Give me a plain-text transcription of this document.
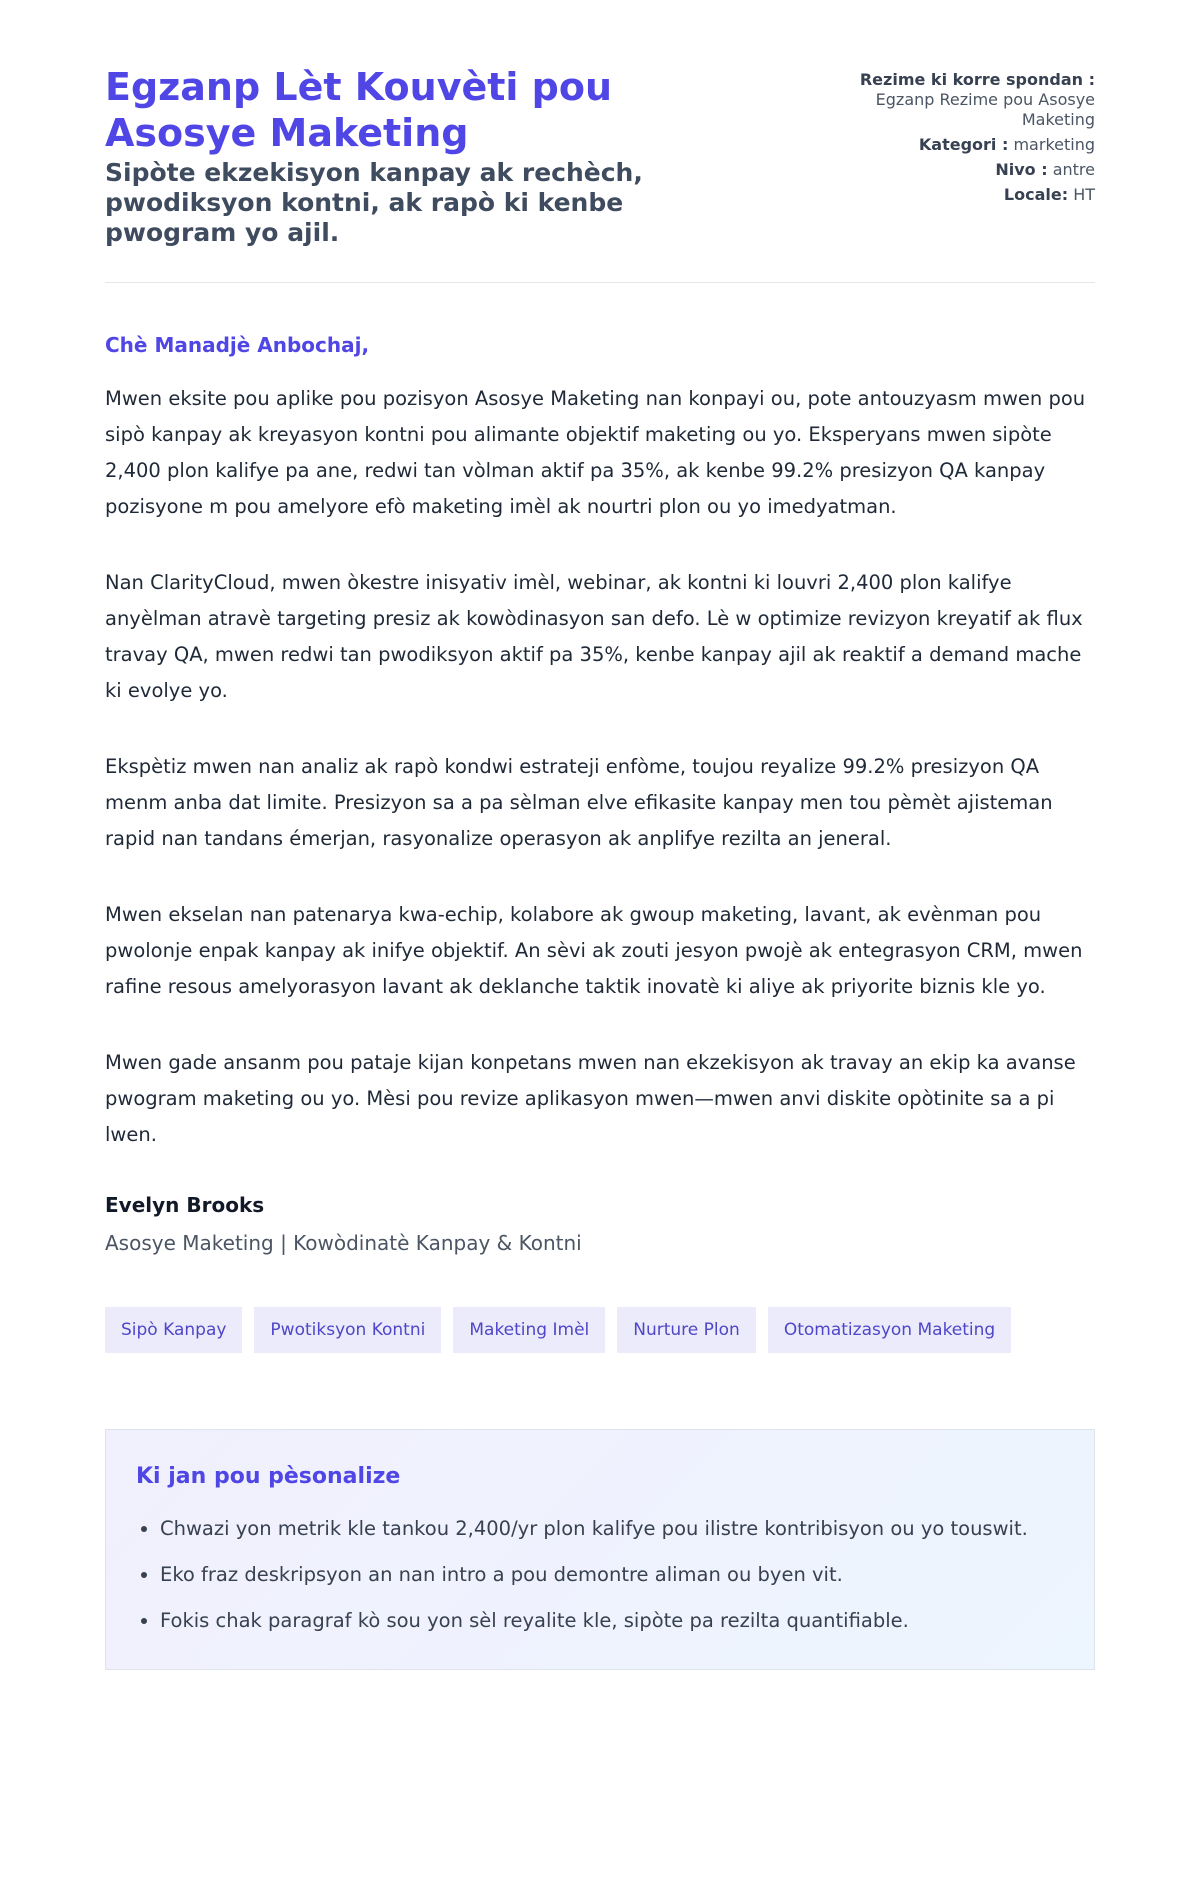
Egzanp Lèt Kouvèti pou Asosye Maketing

Sipòte ekzekisyon kanpay ak rechèch, pwodiksyon kontni, ak rapò ki kenbe pwogram yo ajil.

Rezime ki korre spondan :
Egzanp Rezime pou Asosye Maketing
Kategori : marketing
Nivo : antre
Locale: HT
Chè Manadjè Anbochaj,

Mwen eksite pou aplike pou pozisyon Asosye Maketing nan konpayi ou, pote antouzyasm mwen pou sipò kanpay ak kreyasyon kontni pou alimante objektif maketing ou yo. Eksperyans mwen sipòte 2,400 plon kalifye pa ane, redwi tan vòlman aktif pa 35%, ak kenbe 99.2% presizyon QA kanpay pozisyone m pou amelyore efò maketing imèl ak nourtri plon ou yo imedyatman.

Nan ClarityCloud, mwen òkestre inisyativ imèl, webinar, ak kontni ki louvri 2,400 plon kalifye anyèlman atravè targeting presiz ak kowòdinasyon san defo. Lè w optimize revizyon kreyatif ak flux travay QA, mwen redwi tan pwodiksyon aktif pa 35%, kenbe kanpay ajil ak reaktif a demand mache ki evolye yo.

Ekspètiz mwen nan analiz ak rapò kondwi estrateji enfòme, toujou reyalize 99.2% presizyon QA menm anba dat limite. Presizyon sa a pa sèlman elve efikasite kanpay men tou pèmèt ajisteman rapid nan tandans émerjan, rasyonalize operasyon ak anplifye rezilta an jeneral.

Mwen ekselan nan patenarya kwa-echip, kolabore ak gwoup maketing, lavant, ak evènman pou pwolonje enpak kanpay ak inifye objektif. An sèvi ak zouti jesyon pwojè ak entegrasyon CRM, mwen rafine resous amelyorasyon lavant ak deklanche taktik inovatè ki aliye ak priyorite biznis kle yo.

Mwen gade ansanm pou pataje kijan konpetans mwen nan ekzekisyon ak travay an ekip ka avanse pwogram maketing ou yo. Mèsi pou revize aplikasyon mwen—mwen anvi diskite opòtinite sa a pi lwen.

Evelyn Brooks
Asosye Maketing | Kowòdinatè Kanpay & Kontni
Sipò Kanpay	Pwotiksyon Kontni	Maketing Imèl	Nurture Plon	Otomatizasyon Maketing
Ki jan pou pèsonalize
• Chwazi yon metrik kle tankou 2,400/yr plon kalifye pou ilistre kontribisyon ou yo touswit.
• Eko fraz deskripsyon an nan intro a pou demontre aliman ou byen vit.
• Fokis chak paragraf kò sou yon sèl reyalite kle, sipòte pa rezilta quantifiable.
